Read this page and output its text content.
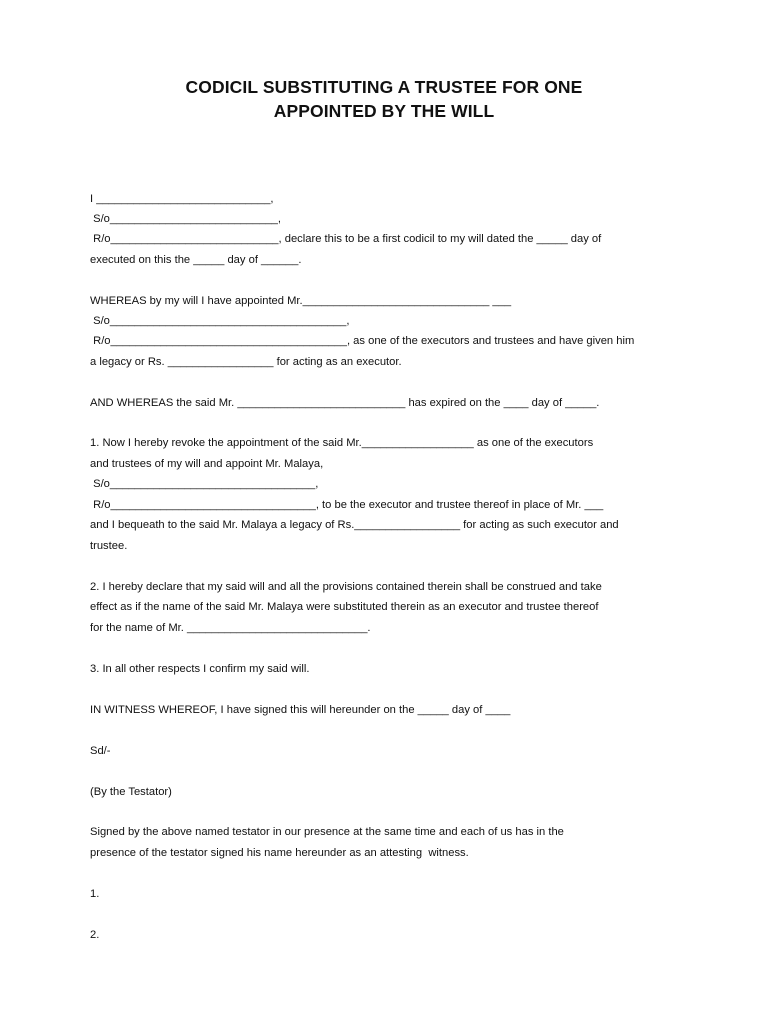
CODICIL SUBSTITUTING A TRUSTEE FOR ONE
APPOINTED BY THE WILL

I ____________________________,

S/o___________________________,

R/o___________________________, declare this to be a first codicil to my will dated the _____ day of

executed on this the _____ day of ______.

WHEREAS by my will I have appointed Mr.______________________________ ___

S/o______________________________________,

R/o______________________________________, as one of the executors and trustees and have given him

a legacy or Rs. _________________ for acting as an executor.

AND WHEREAS the said Mr. ___________________________ has expired on the ____ day of _____.

1. Now I hereby revoke the appointment of the said Mr.__________________ as one of the executors

and trustees of my will and appoint Mr. Malaya,

S/o_________________________________,

R/o_________________________________, to be the executor and trustee thereof in place of Mr. ___

and I bequeath to the said Mr. Malaya a legacy of Rs._________________ for acting as such executor and

trustee.

2. I hereby declare that my said will and all the provisions contained therein shall be construed and take

effect as if the name of the said Mr. Malaya were substituted therein as an executor and trustee thereof

for the name of Mr. _____________________________.

3. In all other respects I confirm my said will.

IN WITNESS WHEREOF, I have signed this will hereunder on the _____ day of ____

Sd/-

(By the Testator)

Signed by the above named testator in our presence at the same time and each of us has in the

presence of the testator signed his name hereunder as an attesting  witness.

1.

2.
